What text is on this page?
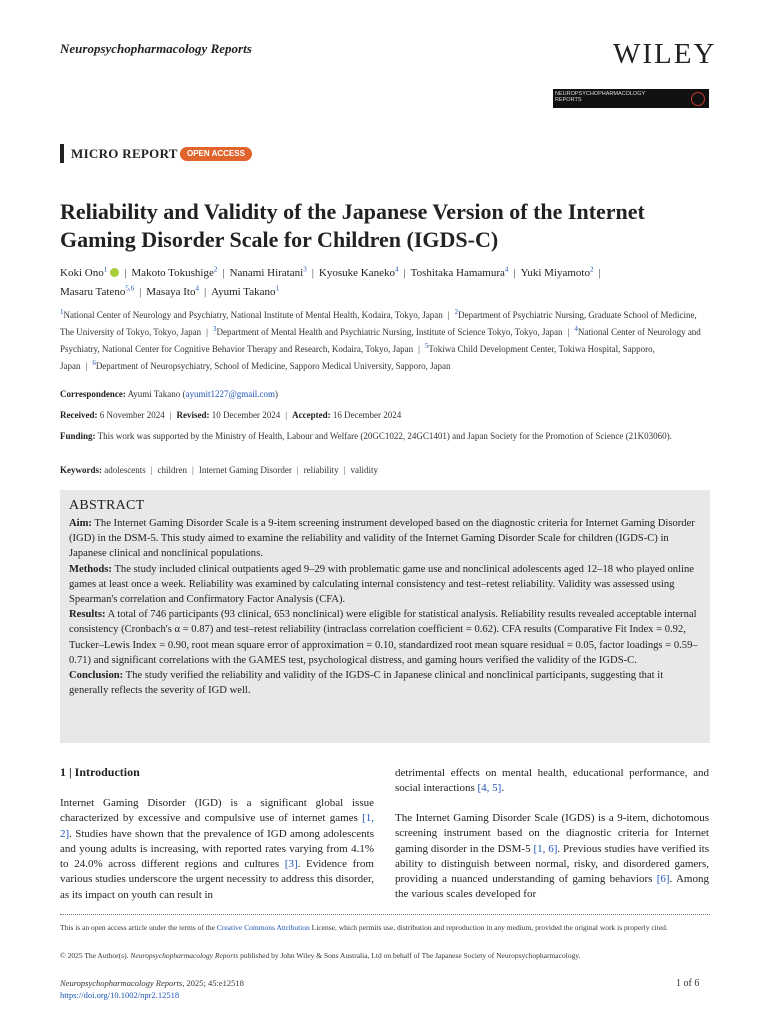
Neuropsychopharmacology Reports	WILEY
NEUROPSYCHOPHARMACOLOGY REPORTS
MICRO REPORT	OPEN ACCESS
Reliability and Validity of the Japanese Version of the Internet Gaming Disorder Scale for Children (IGDS-C)
Koki Ono$^1$ | Makoto Tokushige$^2$ | Nanami Hiratani$^3$ | Kyosuke Kaneko$^4$ | Toshitaka Hamamura$^4$ | Yuki Miyamoto$^2$ |
Masaru Tateno$^{5,6}$ | Masaya Ito$^4$ | Ayumi Takano$^1$
$^1$National Center of Neurology and Psychiatry, National Institute of Mental Health, Kodaira, Tokyo, Japan | $^2$Department of Psychiatric Nursing, Graduate School of Medicine, The University of Tokyo, Tokyo, Japan | $^3$Department of Mental Health and Psychiatric Nursing, Institute of Science Tokyo, Tokyo, Japan | $^4$National Center of Neurology and Psychiatry, National Center for Cognitive Behavior Therapy and Research, Kodaira, Tokyo, Japan | $^5$Tokiwa Child Development Center, Tokiwa Hospital, Sapporo, Japan | $^6$Department of Neuropsychiatry, School of Medicine, Sapporo Medical University, Sapporo, Japan
Correspondence: Ayumi Takano (ayumit1227@gmail.com)
Received: 6 November 2024 | Revised: 10 December 2024 | Accepted: 16 December 2024
Funding: This work was supported by the Ministry of Health, Labour and Welfare (20GC1022, 24GC1401) and Japan Society for the Promotion of Science (21K03060).
Keywords: adolescents | children | Internet Gaming Disorder | reliability | validity
ABSTRACT

Aim: The Internet Gaming Disorder Scale is a 9-item screening instrument developed based on the diagnostic criteria for Internet Gaming Disorder (IGD) in the DSM-5. This study aimed to examine the reliability and validity of the Internet Gaming Disorder Scale for children (IGDS-C) in Japanese clinical and nonclinical populations.

Methods: The study included clinical outpatients aged 9–29 with problematic game use and nonclinical adolescents aged 12–18 who played online games at least once a week. Reliability was examined by calculating internal consistency and test–retest reliability. Validity was assessed using Spearman's correlation and Confirmatory Factor Analysis (CFA).

Results: A total of 746 participants (93 clinical, 653 nonclinical) were eligible for statistical analysis. Reliability results revealed acceptable internal consistency (Cronbach's α = 0.87) and test–retest reliability (intraclass correlation coefficient = 0.62). CFA results (Comparative Fit Index = 0.92, Tucker–Lewis Index = 0.90, root mean square error of approximation = 0.10, standardized root mean square residual = 0.05, factor loadings = 0.59–0.71) and significant correlations with the GAMES test, psychological distress, and gaming hours verified the validity of the IGDS-C.

Conclusion: The study verified the reliability and validity of the IGDS-C in Japanese clinical and nonclinical participants, suggesting that it generally reflects the severity of IGD well.

1 | Introduction
Internet Gaming Disorder (IGD) is a significant global issue characterized by excessive and compulsive use of internet games [1, 2]. Studies have shown that the prevalence of IGD among adolescents and young adults is increasing, with reported rates varying from 4.1% to 24.0% across different regions and cultures [3]. Evidence from various studies underscore the urgent necessity to address this disorder, as its impact on youth can result in
detrimental effects on mental health, educational performance, and social interactions [4, 5].
The Internet Gaming Disorder Scale (IGDS) is a 9-item, dichotomous screening instrument based on the diagnostic criteria for Internet gaming disorder in the DSM-5 [1, 6]. Previous studies have verified its ability to distinguish between normal, risky, and disordered gamers, providing a nuanced understanding of gaming behaviors [6]. Among the various scales developed for
This is an open access article under the terms of the Creative Commons Attribution License, which permits use, distribution and reproduction in any medium, provided the original work is properly cited.
© 2025 The Author(s). Neuropsychopharmacology Reports published by John Wiley & Sons Australia, Ltd on behalf of The Japanese Society of Neuropsychopharmacology.
Neuropsychopharmacology Reports, 2025; 45:e12518
https://doi.org/10.1002/npr2.12518
1 of 6
